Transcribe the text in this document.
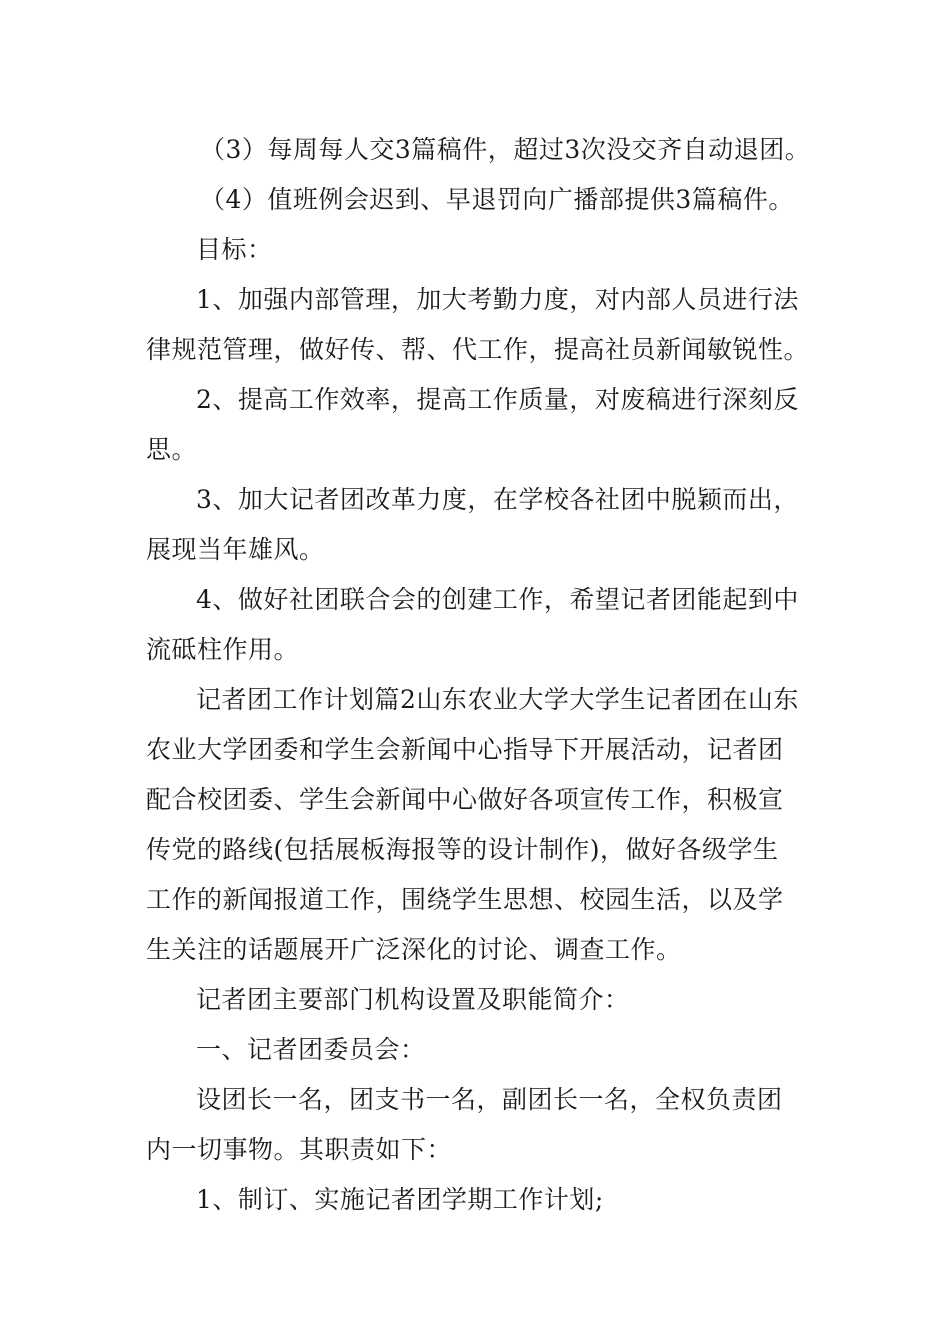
（3）每周每人交3篇稿件，超过3次没交齐自动退团。
（4）值班例会迟到、早退罚向广播部提供3篇稿件。
目标：
1、加强内部管理，加大考勤力度，对内部人员进行法
律规范管理，做好传、帮、代工作，提高社员新闻敏锐性。
2、提高工作效率，提高工作质量，对废稿进行深刻反
思。
3、加大记者团改革力度，在学校各社团中脱颖而出，
展现当年雄风。
4、做好社团联合会的创建工作，希望记者团能起到中
流砥柱作用。
记者团工作计划篇2山东农业大学大学生记者团在山东
农业大学团委和学生会新闻中心指导下开展活动，记者团
配合校团委、学生会新闻中心做好各项宣传工作，积极宣
传党的路线(包括展板海报等的设计制作)，做好各级学生
工作的新闻报道工作，围绕学生思想、校园生活，以及学
生关注的话题展开广泛深化的讨论、调查工作。
记者团主要部门机构设置及职能简介：
一、记者团委员会：
设团长一名，团支书一名，副团长一名，全权负责团
内一切事物。其职责如下：
1、制订、实施记者团学期工作计划;
